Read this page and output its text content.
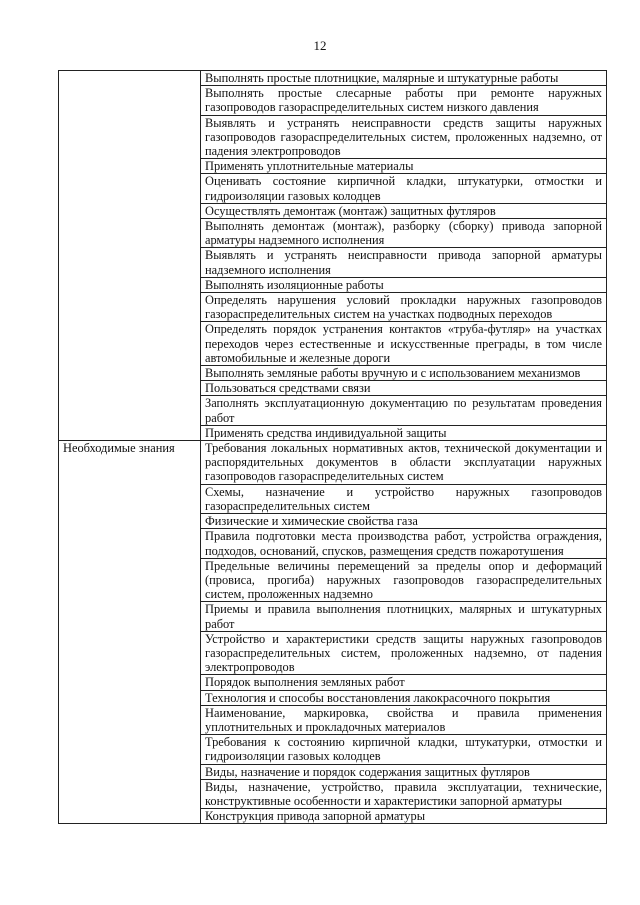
12
	Выполнять простые плотницкие, малярные и штукатурные работы
	Выполнять простые слесарные работы при ремонте наружных газопроводов газораспределительных систем низкого давления
	Выявлять и устранять неисправности средств защиты наружных газопроводов газораспределительных систем, проложенных надземно, от падения электропроводов
	Применять уплотнительные материалы
	Оценивать состояние кирпичной кладки, штукатурки, отмостки и гидроизоляции газовых колодцев
	Осуществлять демонтаж (монтаж) защитных футляров
	Выполнять демонтаж (монтаж), разборку (сборку) привода запорной арматуры надземного исполнения
	Выявлять и устранять неисправности привода запорной арматуры надземного исполнения
	Выполнять изоляционные работы
	Определять нарушения условий прокладки наружных газопроводов газораспределительных систем на участках подводных переходов
	Определять порядок устранения контактов «труба-футляр» на участках переходов через естественные и искусственные преграды, в том числе автомобильные и железные дороги
	Выполнять земляные работы вручную и с использованием механизмов
	Пользоваться средствами связи
	Заполнять эксплуатационную документацию по результатам проведения работ
	Применять средства индивидуальной защиты
Необходимые знания	Требования локальных нормативных актов, технической документации и распорядительных документов в области эксплуатации наружных газопроводов газораспределительных систем
	Схемы, назначение и устройство наружных газопроводов газораспределительных систем
	Физические и химические свойства газа
	Правила подготовки места производства работ, устройства ограждения, подходов, оснований, спусков, размещения средств пожаротушения
	Предельные величины перемещений за пределы опор и деформаций (провиса, прогиба) наружных газопроводов газораспределительных систем, проложенных надземно
	Приемы и правила выполнения плотницких, малярных и штукатурных работ
	Устройство и характеристики средств защиты наружных газопроводов газораспределительных систем, проложенных надземно, от падения электропроводов
	Порядок выполнения земляных работ
	Технология и способы восстановления лакокрасочного покрытия
	Наименование, маркировка, свойства и правила применения уплотнительных и прокладочных материалов
	Требования к состоянию кирпичной кладки, штукатурки, отмостки и гидроизоляции газовых колодцев
	Виды, назначение и порядок содержания защитных футляров
	Виды, назначение, устройство, правила эксплуатации, технические, конструктивные особенности и характеристики запорной арматуры
	Конструкция привода запорной арматуры
